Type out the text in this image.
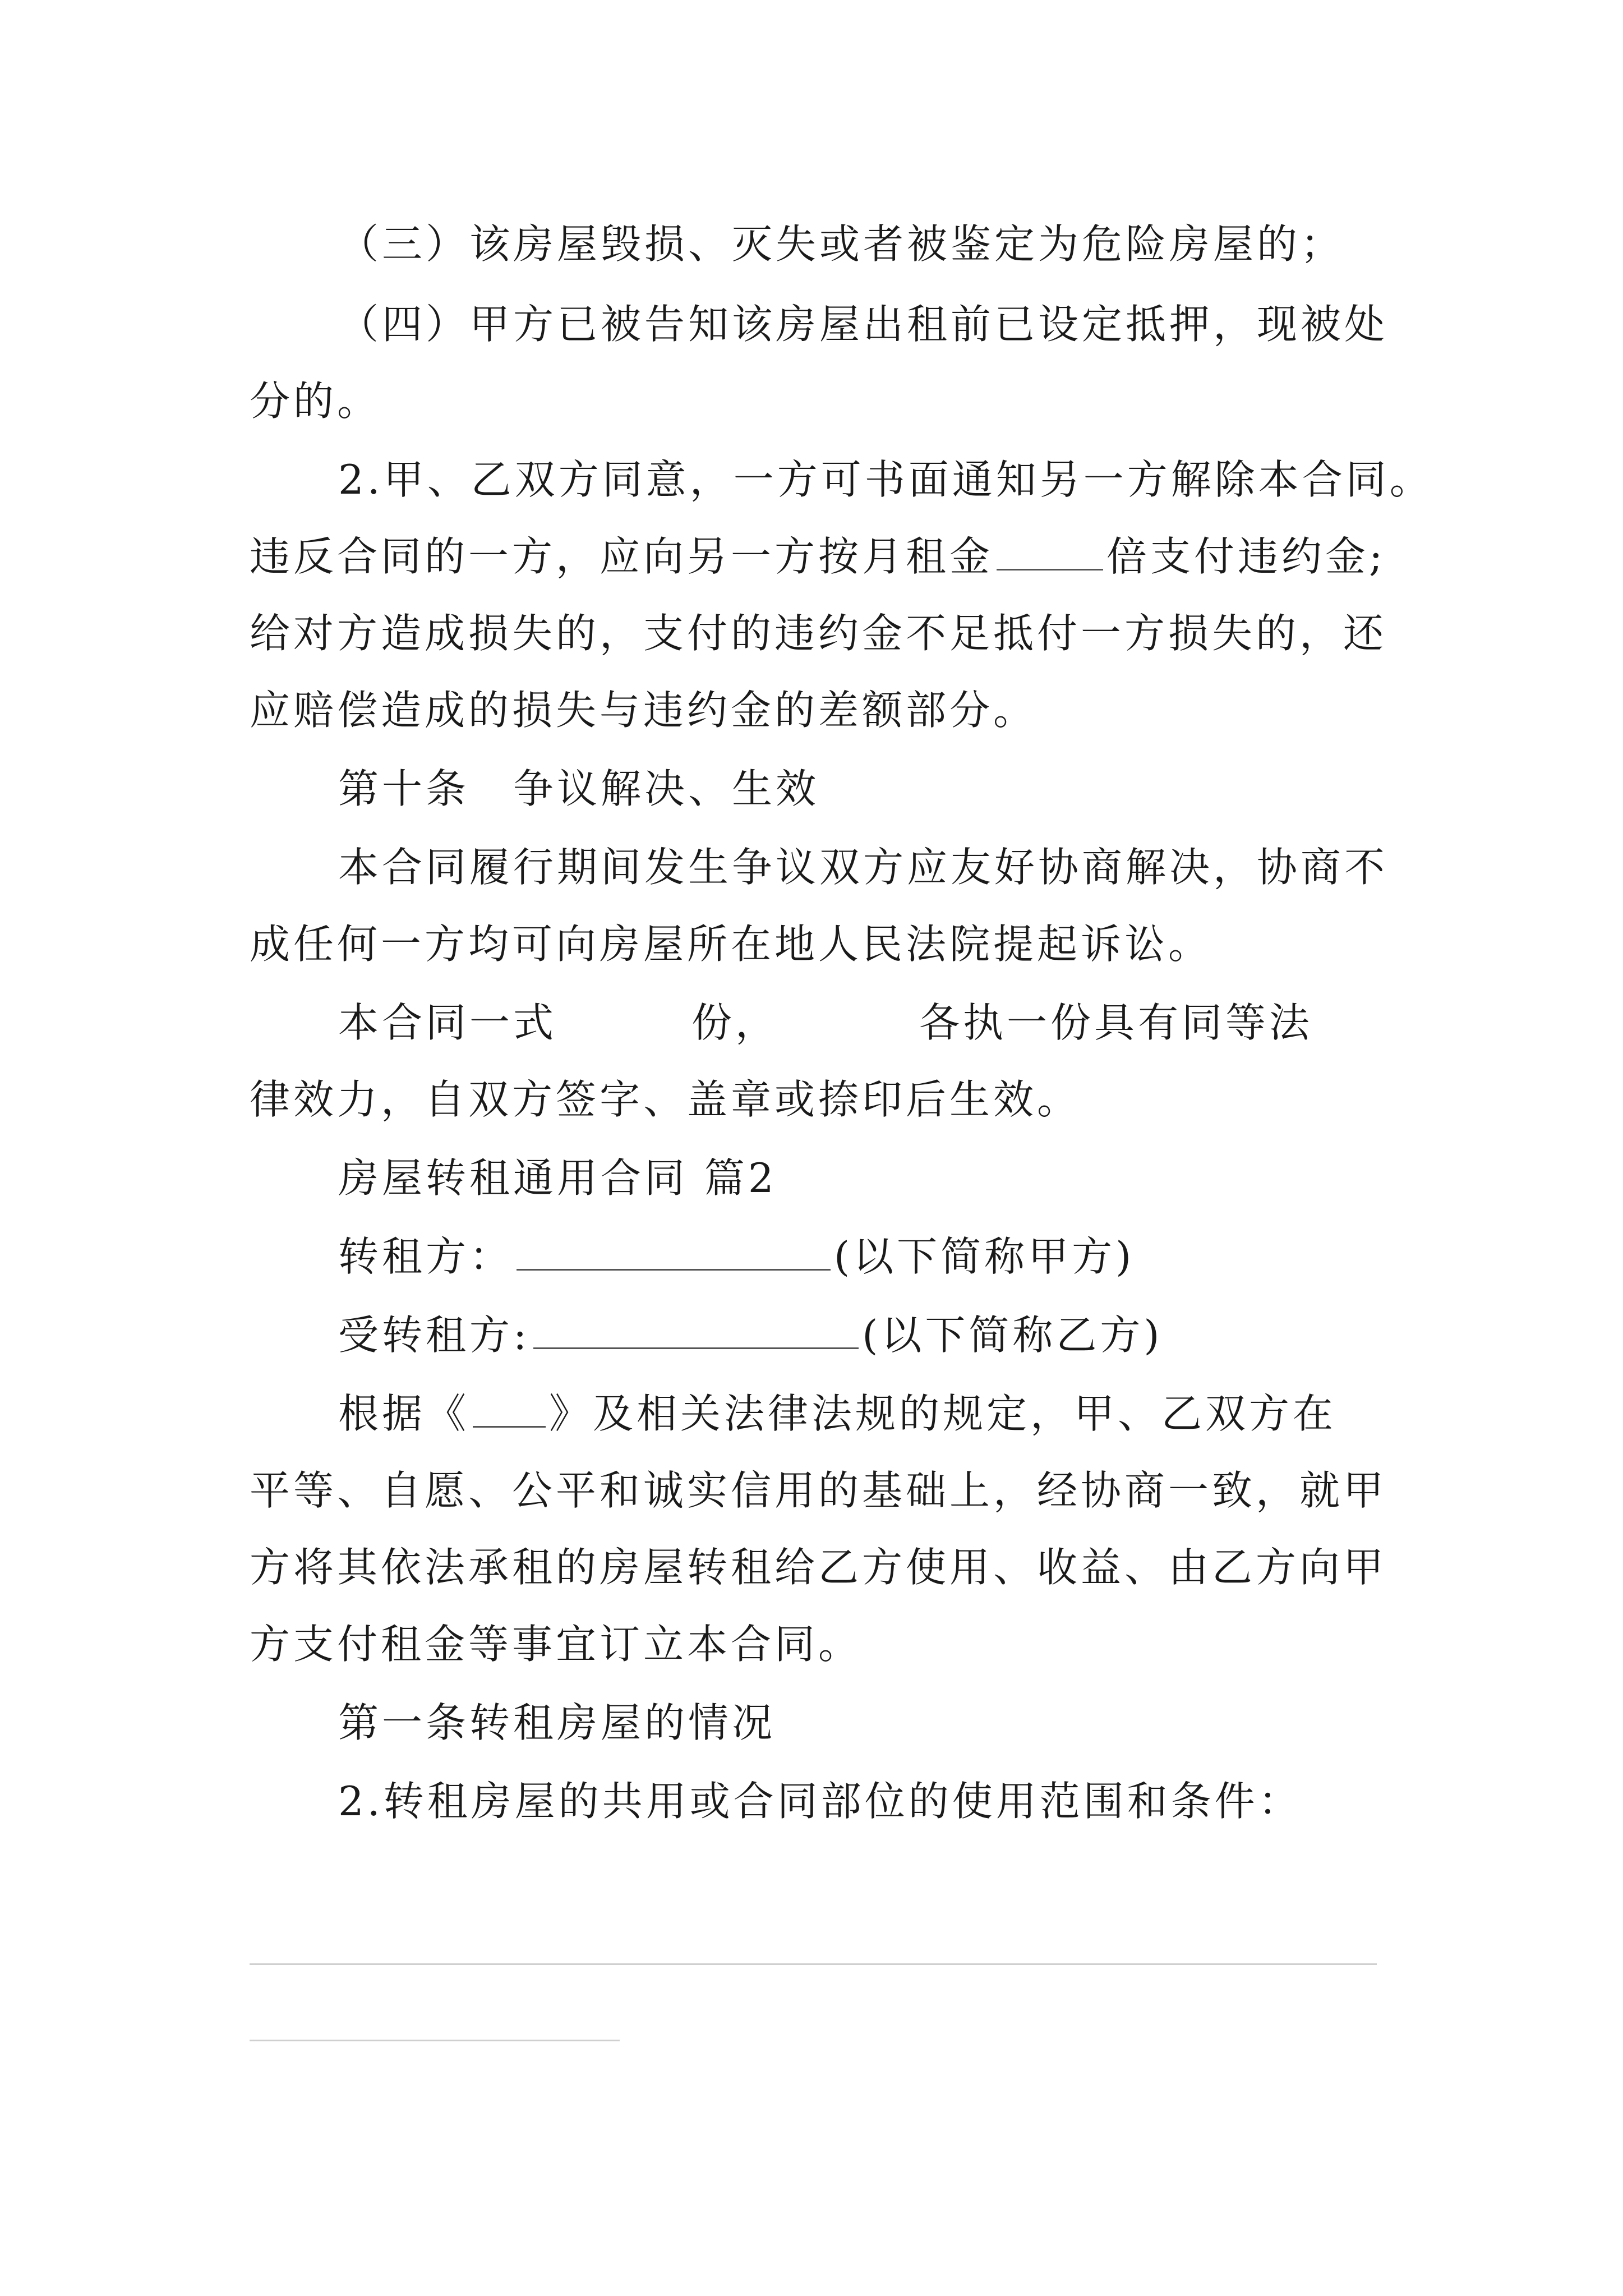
（三）该房屋毁损、灭失或者被鉴定为危险房屋的；
（四）甲方已被告知该房屋出租前已设定抵押，现被处
分的。
2.甲、乙双方同意，一方可书面通知另一方解除本合同。
违反合同的一方，应向另一方按月租金	倍支付违约金;
给对方造成损失的，支付的违约金不足抵付一方损失的，还
应赔偿造成的损失与违约金的差额部分。
第十条　争议解决、生效
本合同履行期间发生争议双方应友好协商解决，协商不
成任何一方均可向房屋所在地人民法院提起诉讼。
本合同一式	份，	各执一份具有同等法
律效力，自双方签字、盖章或捺印后生效。
房屋转租通用合同 篇2
转租方：	(以下简称甲方)
受转租方:	(以下简称乙方)
根据《 》及相关法律法规的规定，甲、乙双方在
平等、自愿、公平和诚实信用的基础上，经协商一致，就甲
方将其依法承租的房屋转租给乙方使用、收益、由乙方向甲
方支付租金等事宜订立本合同。
第一条转租房屋的情况
2.转租房屋的共用或合同部位的使用范围和条件：
